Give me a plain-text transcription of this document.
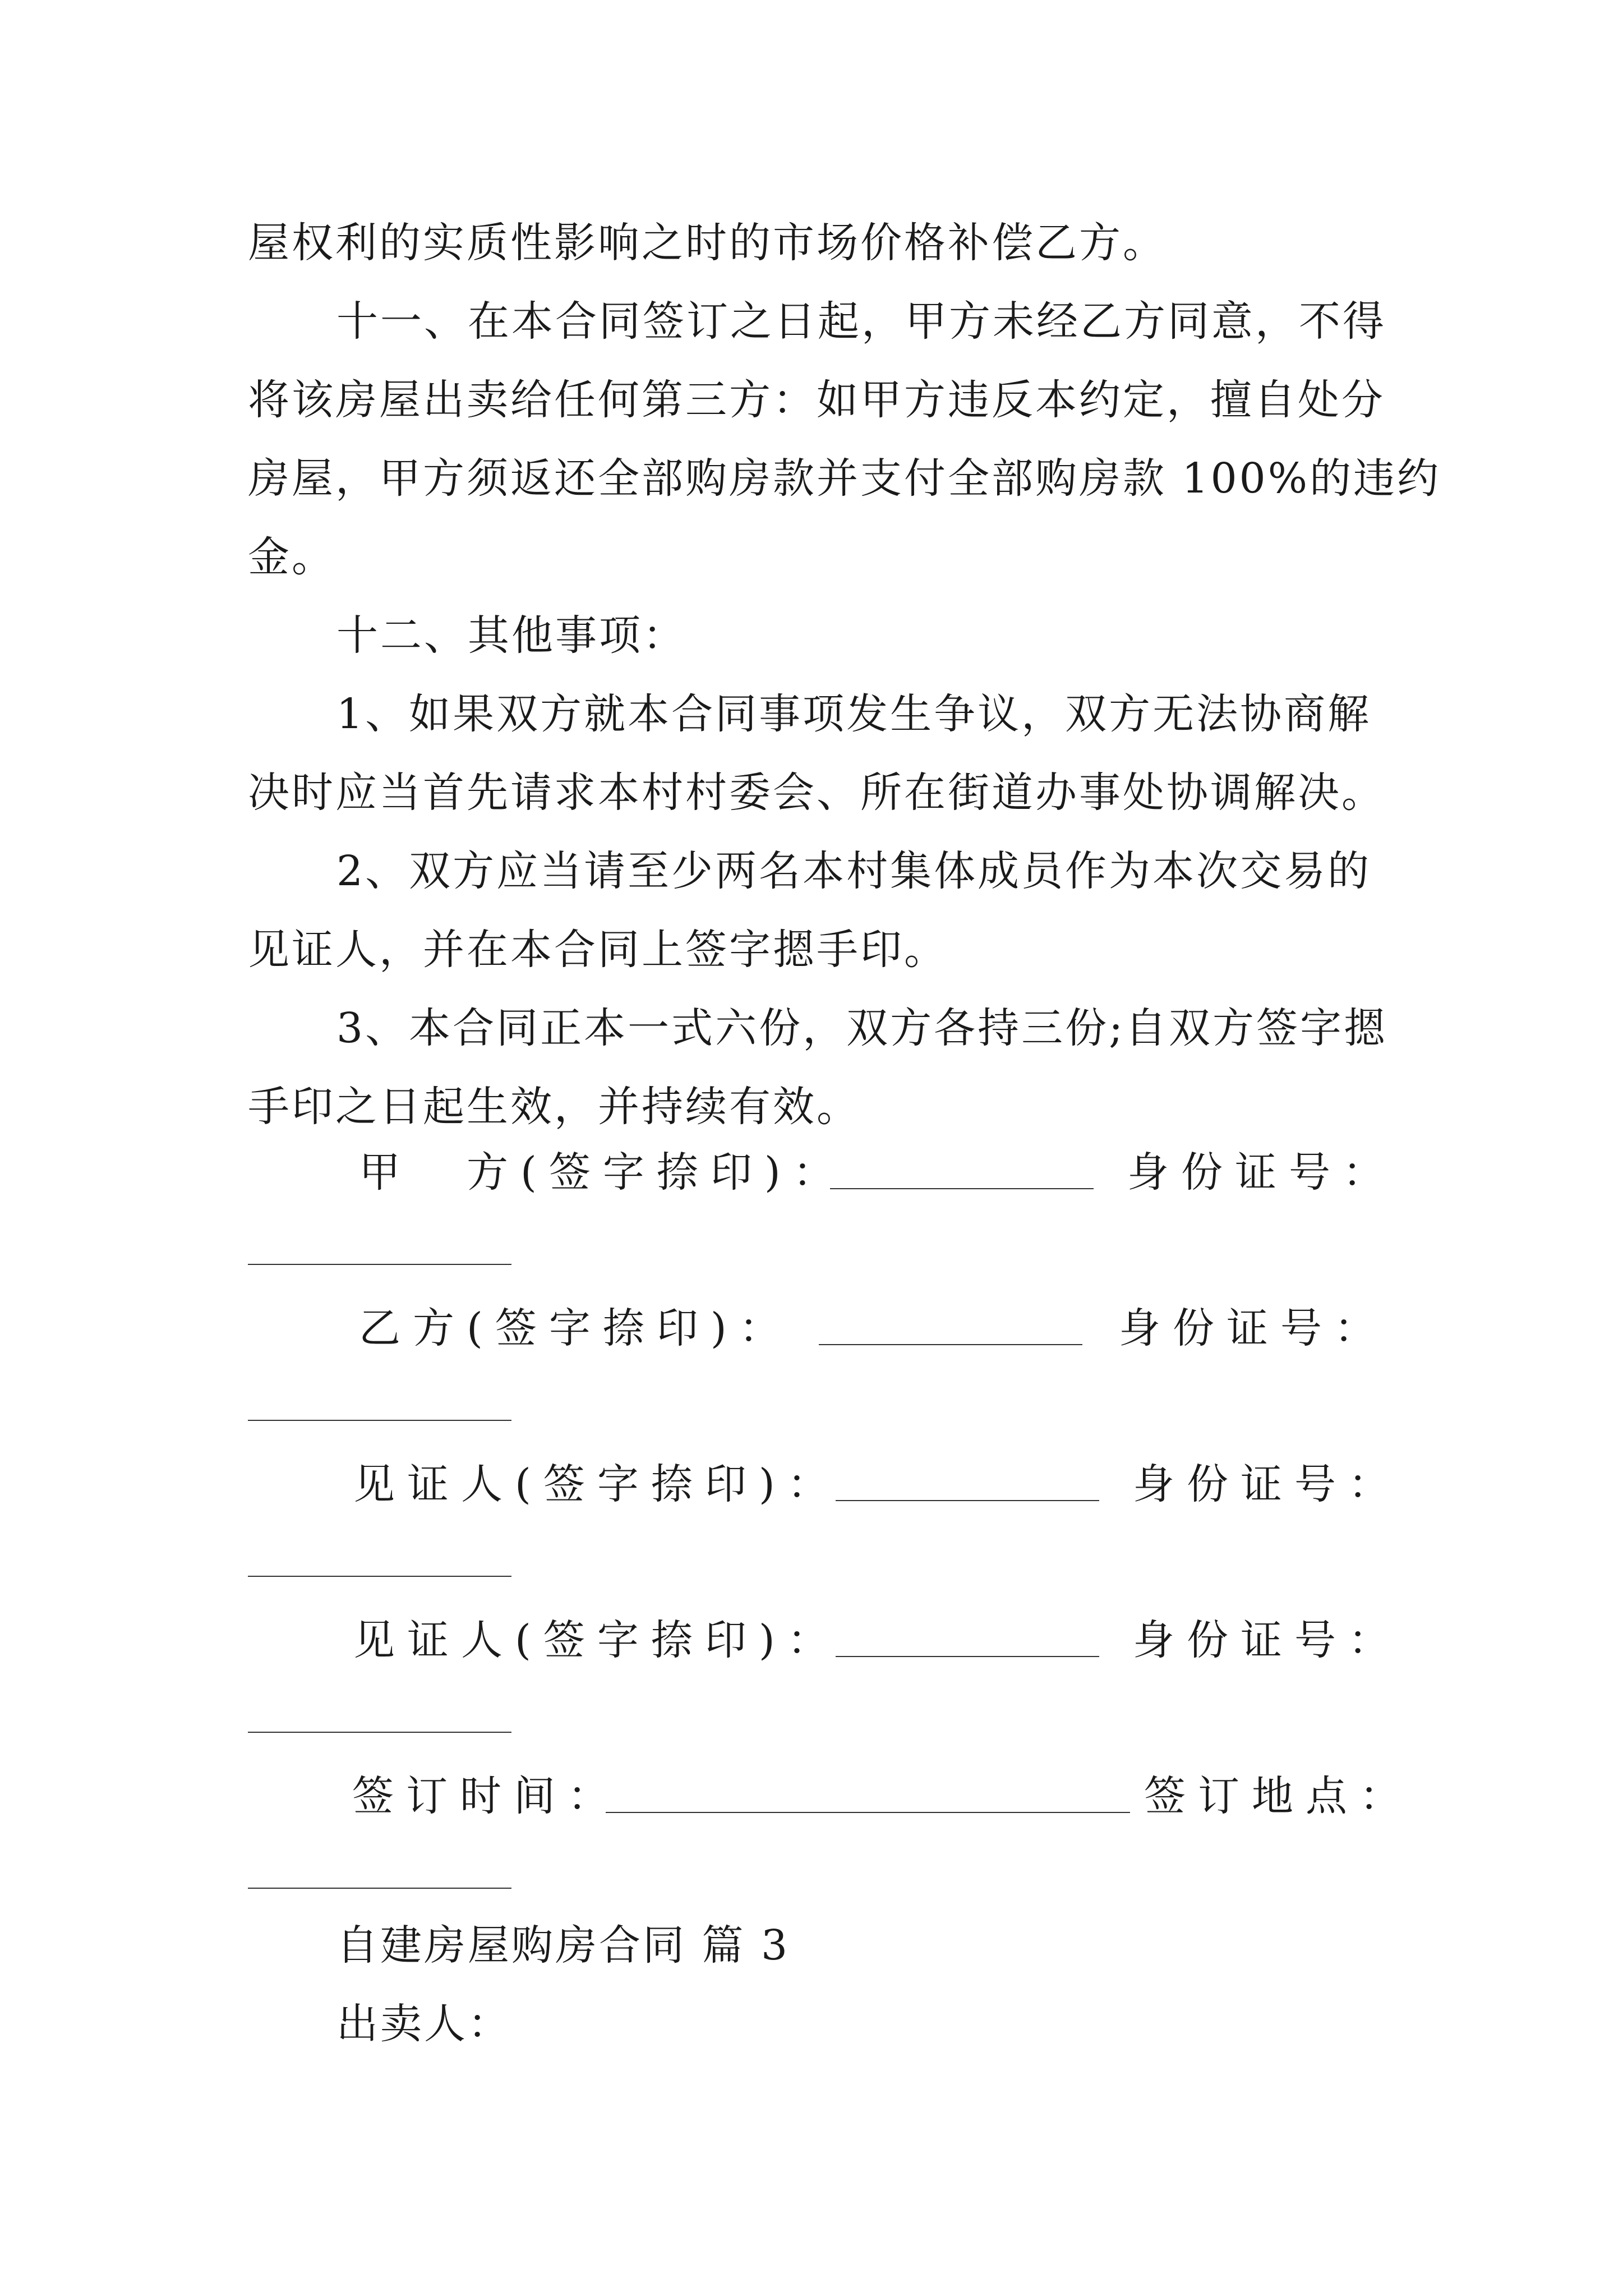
屋权利的实质性影响之时的市场价格补偿乙方。
十一、在本合同签订之日起，甲方未经乙方同意，不得
将该房屋出卖给任何第三方：如甲方违反本约定，擅自处分
房屋，甲方须返还全部购房款并支付全部购房款 100%的违约
金。
十二、其他事项：
1、如果双方就本合同事项发生争议，双方无法协商解
决时应当首先请求本村村委会、所在街道办事处协调解决。
2、双方应当请至少两名本村集体成员作为本次交易的
见证人，并在本合同上签字摁手印。
3、本合同正本一式六份，双方各持三份;自双方签字摁
手印之日起生效，并持续有效。
甲　方(签字捺印)：	身份证号：
乙方(签字捺印)：	身份证号：
见证人(签字捺印)：	身份证号：
见证人(签字捺印)：	身份证号：
签订时间：	签订地点：
自建房屋购房合同 篇 3
出卖人：
